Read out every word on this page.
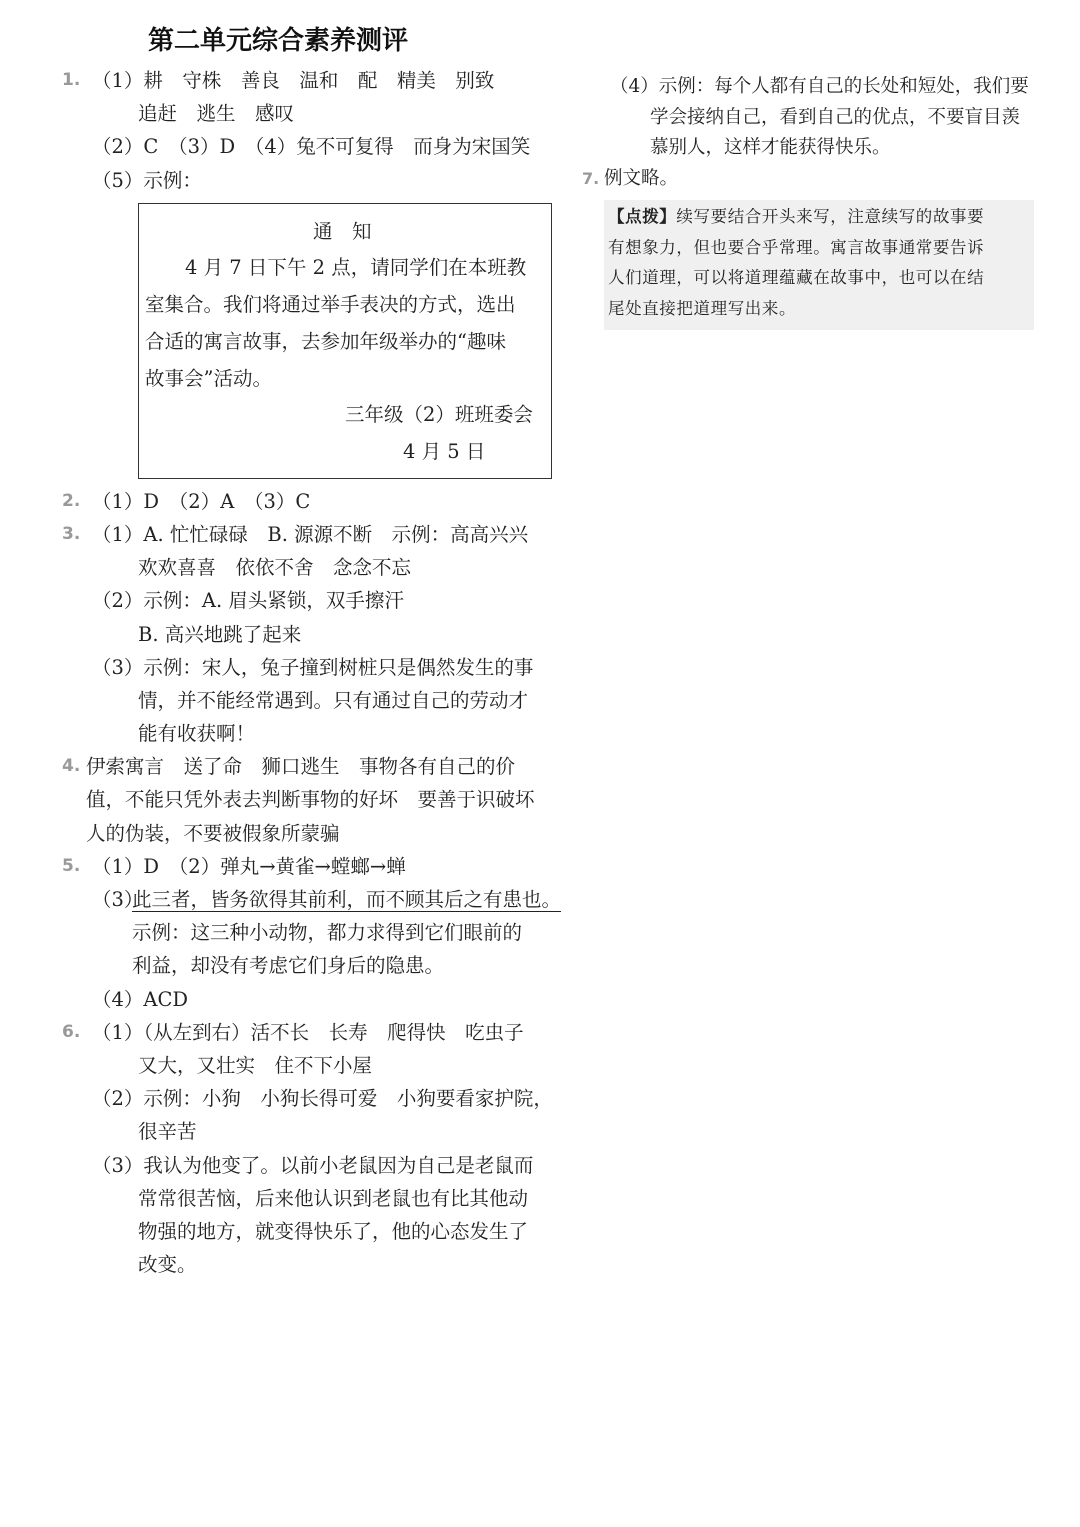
第二单元综合素养测评
1. （1）耕　守株　善良　温和　配　精美　别致
追赶　逃生　感叹
（2）C　（3）D　（4）兔不可复得　而身为宋国笑
（5）示例：
通　知
4 月 7 日下午 2 点，请同学们在本班教
室集合。我们将通过举手表决的方式，选出
合适的寓言故事，去参加年级举办的“趣味
故事会”活动。
三年级（2）班班委会
4 月 5 日
2. （1）D　（2）A　（3）C
3. （1）A. 忙忙碌碌　B. 源源不断　示例：高高兴兴
欢欢喜喜　依依不舍　念念不忘
（2）示例：A. 眉头紧锁，双手擦汗
B. 高兴地跳了起来
（3）示例：宋人，兔子撞到树桩只是偶然发生的事
情，并不能经常遇到。只有通过自己的劳动才
能有收获啊！
4. 伊索寓言　送了命　狮口逃生　事物各有自己的价
值，不能只凭外表去判断事物的好坏　要善于识破坏
人的伪装，不要被假象所蒙骗
5. （1）D　（2）弹丸→黄雀→螳螂→蝉
（3）
此三者，皆务欲得其前利，而不顾其后之有患也。
示例：这三种小动物，都力求得到它们眼前的
利益，却没有考虑它们身后的隐患。
（4）ACD
6. （1）（从左到右）活不长　长寿　爬得快　吃虫子
又大，又壮实　住不下小屋
（2）示例：小狗　小狗长得可爱　小狗要看家护院，
很辛苦
（3）我认为他变了。以前小老鼠因为自己是老鼠而
常常很苦恼，后来他认识到老鼠也有比其他动
物强的地方，就变得快乐了，他的心态发生了
改变。
（4）示例：每个人都有自己的长处和短处，我们要
学会接纳自己，看到自己的优点，不要盲目羡
慕别人，这样才能获得快乐。
7. 例文略。
【点拨】续写要结合开头来写，注意续写的故事要
有想象力，但也要合乎常理。寓言故事通常要告诉
人们道理，可以将道理蕴藏在故事中，也可以在结
尾处直接把道理写出来。
